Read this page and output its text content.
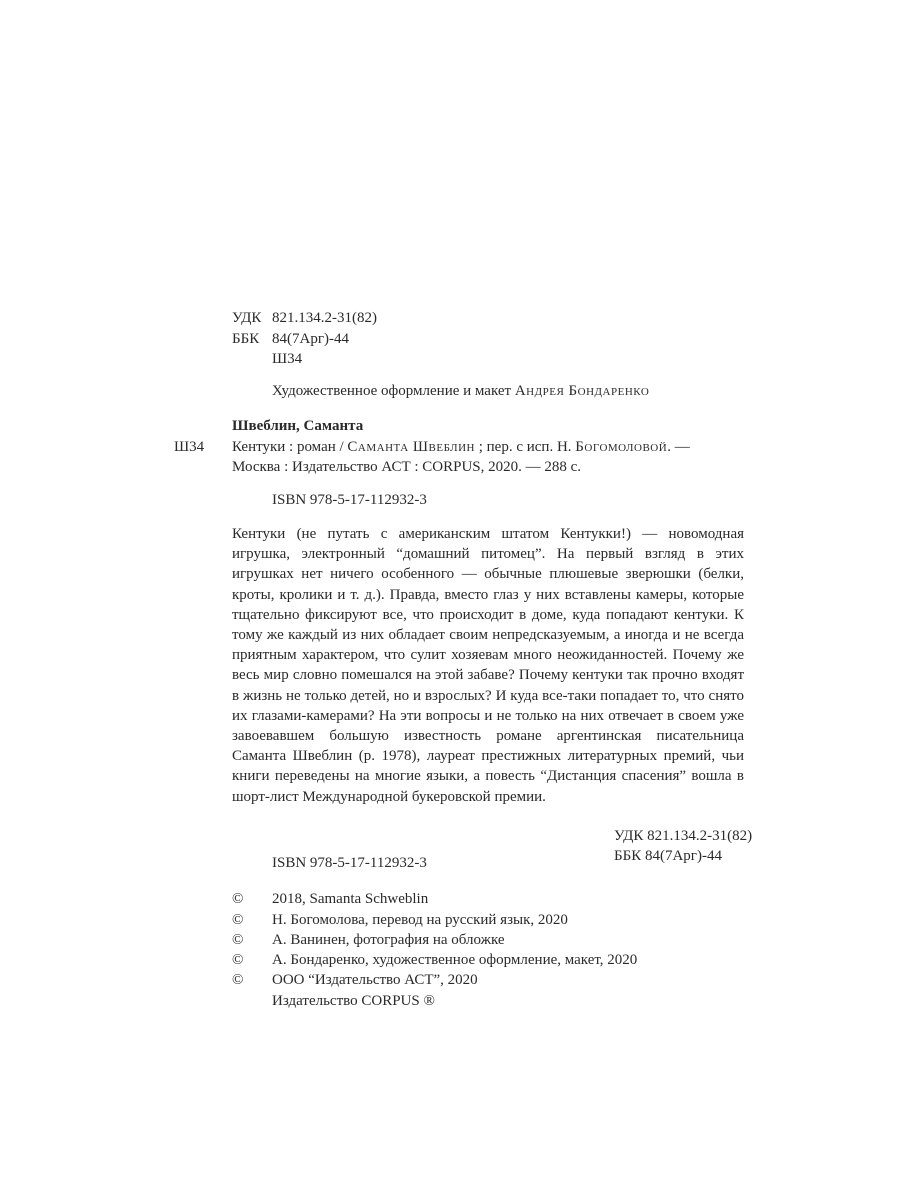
УДК 821.134.2-31(82)
ББК 84(7Арг)-44
Ш34
Художественное оформление и макет Андрея Бондаренко
Швеблин, Саманта
Ш34 Кентуки : роман / Саманта Швеблин ; пер. с исп. Н. Богомоловой. —
Москва : Издательство АСТ : CORPUS, 2020. — 288 с.
ISBN 978-5-17-112932-3

Кентуки (не путать с американским штатом Кентукки!) — новомодная игрушка, электронный “домашний питомец”. На первый взгляд в этих игрушках нет ничего особенного — обычные плюшевые зверюшки (белки, кроты, кролики и т. д.). Правда, вместо глаз у них вставлены камеры, которые тщательно фиксируют все, что происходит в доме, куда попадают кентуки. К тому же каждый из них обладает своим непредсказуемым, а иногда и не всегда приятным характером, что сулит хозяевам много неожиданностей. Почему же весь мир словно помешался на этой забаве? Почему кентуки так прочно входят в жизнь не только детей, но и взрослых? И куда все-таки попадает то, что снято их глазами-камерами? На эти вопросы и не только на них отвечает в своем уже завоевавшем большую известность романе аргентинская писательница Саманта Швеблин (р. 1978), лауреат престижных литературных премий, чьи книги переведены на многие языки, а повесть “Дистанция спасения” вошла в шорт-лист Международной букеровской премии.

УДК 821.134.2-31(82)
ББК 84(7Арг)-44
ISBN 978-5-17-112932-3
© 2018, Samanta Schweblin
© Н. Богомолова, перевод на русский язык, 2020
© А. Ванинен, фотография на обложке
© А. Бондаренко, художественное оформление, макет, 2020
© ООО “Издательство АСТ”, 2020
Издательство CORPUS ®
